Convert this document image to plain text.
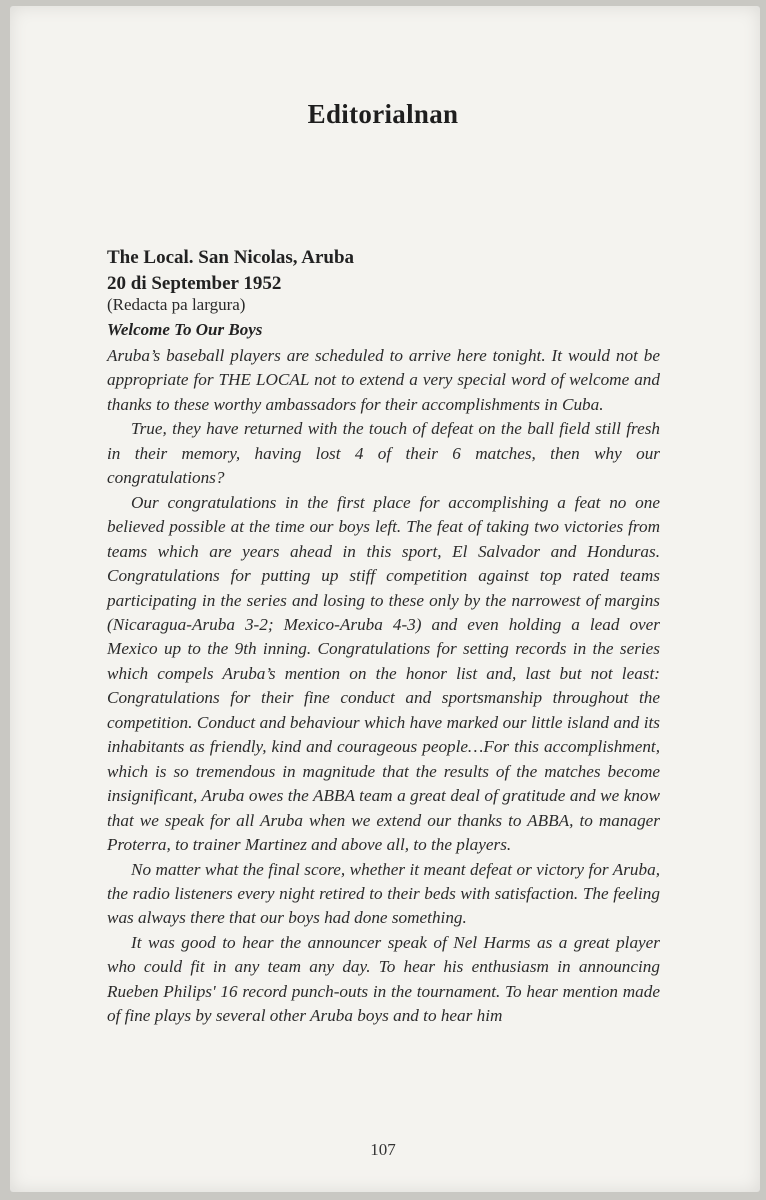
Editorialnan
The Local. San Nicolas, Aruba
20 di September 1952
(Redacta pa largura)
Welcome To Our Boys

Aruba’s baseball players are scheduled to arrive here tonight. It would not be appropriate for THE LOCAL not to extend a very special word of welcome and thanks to these worthy ambassadors for their accomplishments in Cuba.

True, they have returned with the touch of defeat on the ball field still fresh in their memory, having lost 4 of their 6 matches, then why our congratulations?

Our congratulations in the first place for accomplishing a feat no one believed possible at the time our boys left. The feat of taking two victories from teams which are years ahead in this sport, El Salvador and Honduras. Congratulations for putting up stiff competition against top rated teams participating in the series and losing to these only by the narrowest of margins (Nicaragua-Aruba 3-2; Mexico-Aruba 4-3) and even holding a lead over Mexico up to the 9th inning. Congratulations for setting records in the series which compels Aruba’s mention on the honor list and, last but not least: Congratulations for their fine conduct and sportsmanship throughout the competition. Conduct and behaviour which have marked our little island and its inhabitants as friendly, kind and courageous people…For this accomplishment, which is so tremendous in magnitude that the results of the matches become insignificant, Aruba owes the ABBA team a great deal of gratitude and we know that we speak for all Aruba when we extend our thanks to ABBA, to manager Proterra, to trainer Martinez and above all, to the players.

No matter what the final score, whether it meant defeat or victory for Aruba, the radio listeners every night retired to their beds with satisfaction. The feeling was always there that our boys had done something.

It was good to hear the announcer speak of Nel Harms as a great player who could fit in any team any day. To hear his enthusiasm in announcing Rueben Philips' 16 record punch-outs in the tournament. To hear mention made of fine plays by several other Aruba boys and to hear him

107
